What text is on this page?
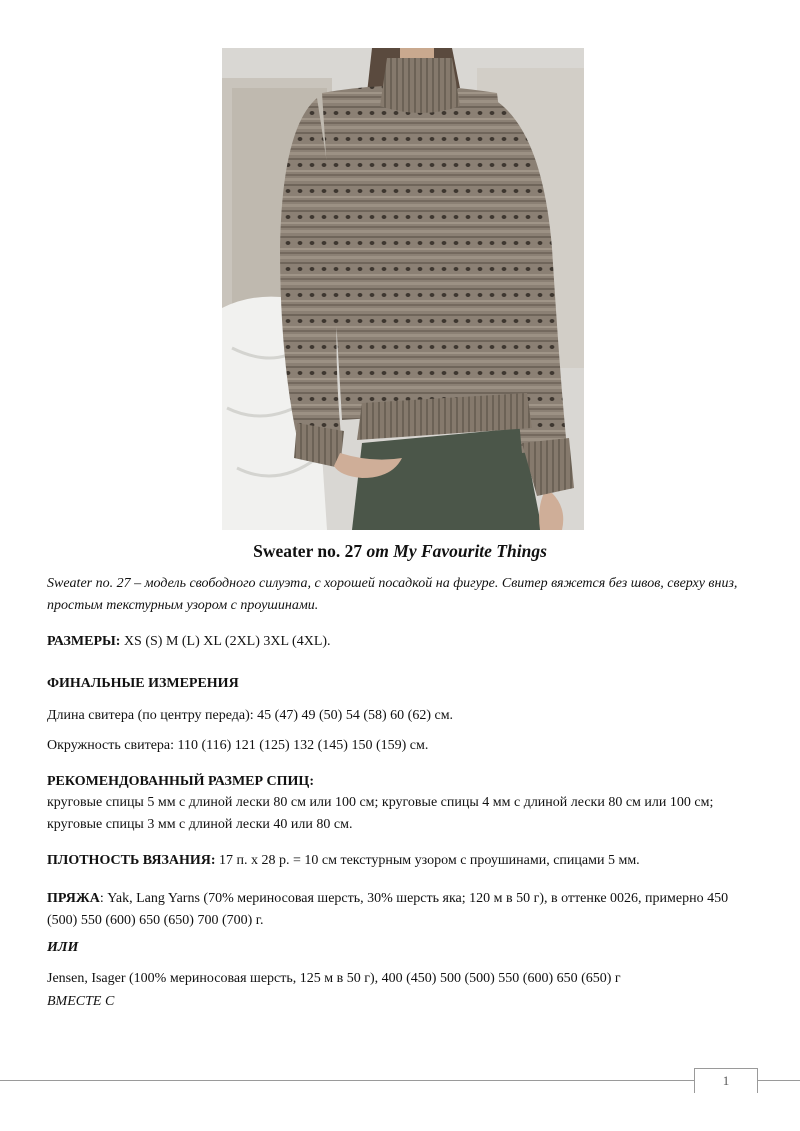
Sweater no. 27 от My Favourite Things

Sweater no. 27 – модель свободного силуэта, с хорошей посадкой на фигуре. Свитер вяжется без швов, сверху вниз, простым текстурным узором с проушинами.

РАЗМЕРЫ: XS (S) M (L) XL (2XL) 3XL (4XL).

ФИНАЛЬНЫЕ ИЗМЕРЕНИЯ

Длина свитера (по центру переда): 45 (47) 49 (50) 54 (58) 60 (62) см.

Окружность свитера: 110 (116) 121 (125) 132 (145) 150 (159) см.

РЕКОМЕНДОВАННЫЙ РАЗМЕР СПИЦ:

круговые спицы 5 мм с длиной лески 80 см или 100 см; круговые спицы 4 мм с длиной лески 80 см или 100 см; круговые спицы 3 мм с длиной лески 40 или 80 см.

ПЛОТНОСТЬ ВЯЗАНИЯ: 17 п. х 28 р. = 10 см текстурным узором с проушинами, спицами 5 мм.

ПРЯЖА: Yak, Lang Yarns (70% мериносовая шерсть, 30% шерсть яка; 120 м в 50 г), в оттенке 0026, примерно 450 (500) 550 (600) 650 (650) 700 (700) г.

ИЛИ

Jensen, Isager (100% мериносовая шерсть, 125 м в 50 г), 400 (450) 500 (500) 550 (600) 650 (650) г

ВМЕСТЕ С

1
